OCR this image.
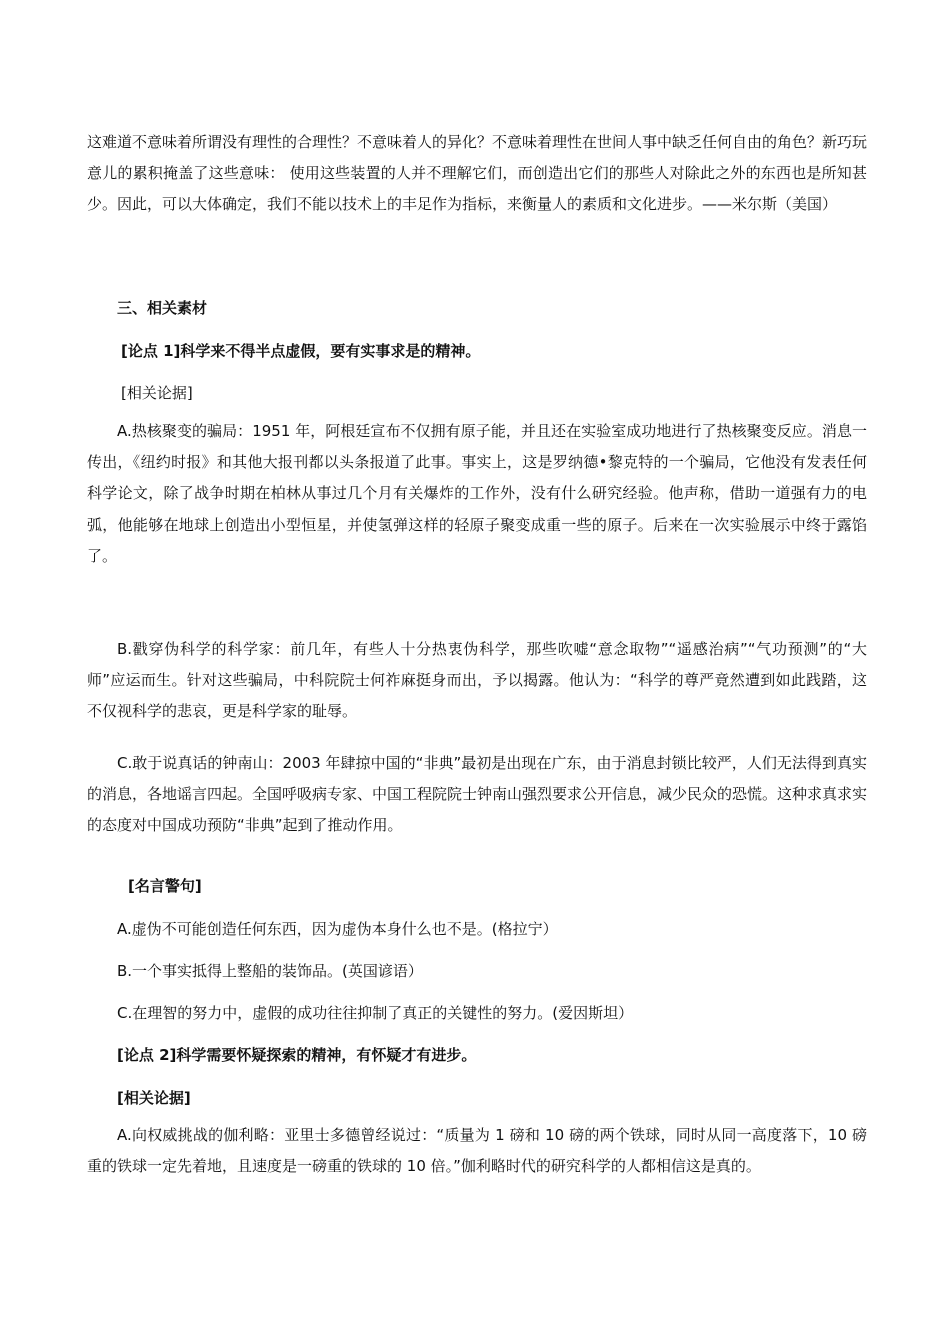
这难道不意味着所谓没有理性的合理性？不意味着人的异化？不意味着理性在世间人事中缺乏任何自由的角色？新巧玩意儿的累积掩盖了这些意味： 使用这些装置的人并不理解它们，而创造出它们的那些人对除此之外的东西也是所知甚少。因此，可以大体确定，我们不能以技术上的丰足作为指标，来衡量人的素质和文化进步。——米尔斯（美国）

三、相关素材

[论点 1]科学来不得半点虚假，要有实事求是的精神。

[相关论据]

A.热核聚变的骗局：1951 年，阿根廷宣布不仅拥有原子能，并且还在实验室成功地进行了热核聚变反应。消息一传出，《纽约时报》和其他大报刊都以头条报道了此事。事实上，这是罗纳德•黎克特的一个骗局，它他没有发表任何科学论文，除了战争时期在柏林从事过几个月有关爆炸的工作外，没有什么研究经验。他声称，借助一道强有力的电弧，他能够在地球上创造出小型恒星，并使氢弹这样的轻原子聚变成重一些的原子。后来在一次实验展示中终于露馅了。

B.戳穿伪科学的科学家：前几年，有些人十分热衷伪科学，那些吹嘘“意念取物”“遥感治病”“气功预测”的“大师”应运而生。针对这些骗局，中科院院士何祚麻挺身而出，予以揭露。他认为：“科学的尊严竟然遭到如此践踏，这不仅视科学的悲哀，更是科学家的耻辱。

C.敢于说真话的钟南山：2003 年肆掠中国的“非典”最初是出现在广东，由于消息封锁比较严，人们无法得到真实的消息，各地谣言四起。全国呼吸病专家、中国工程院院士钟南山强烈要求公开信息，减少民众的恐慌。这种求真求实的态度对中国成功预防“非典”起到了推动作用。

[名言警句]

A.虚伪不可能创造任何东西，因为虚伪本身什么也不是。(格拉宁）

B.一个事实抵得上整船的装饰品。(英国谚语）

C.在理智的努力中，虚假的成功往往抑制了真正的关键性的努力。(爱因斯坦）

[论点 2]科学需要怀疑探索的精神，有怀疑才有进步。

[相关论据]

A.向权威挑战的伽利略：亚里士多德曾经说过：“质量为 1 磅和 10 磅的两个铁球，同时从同一高度落下，10 磅重的铁球一定先着地，且速度是一磅重的铁球的 10 倍。”伽利略时代的研究科学的人都相信这是真的。
